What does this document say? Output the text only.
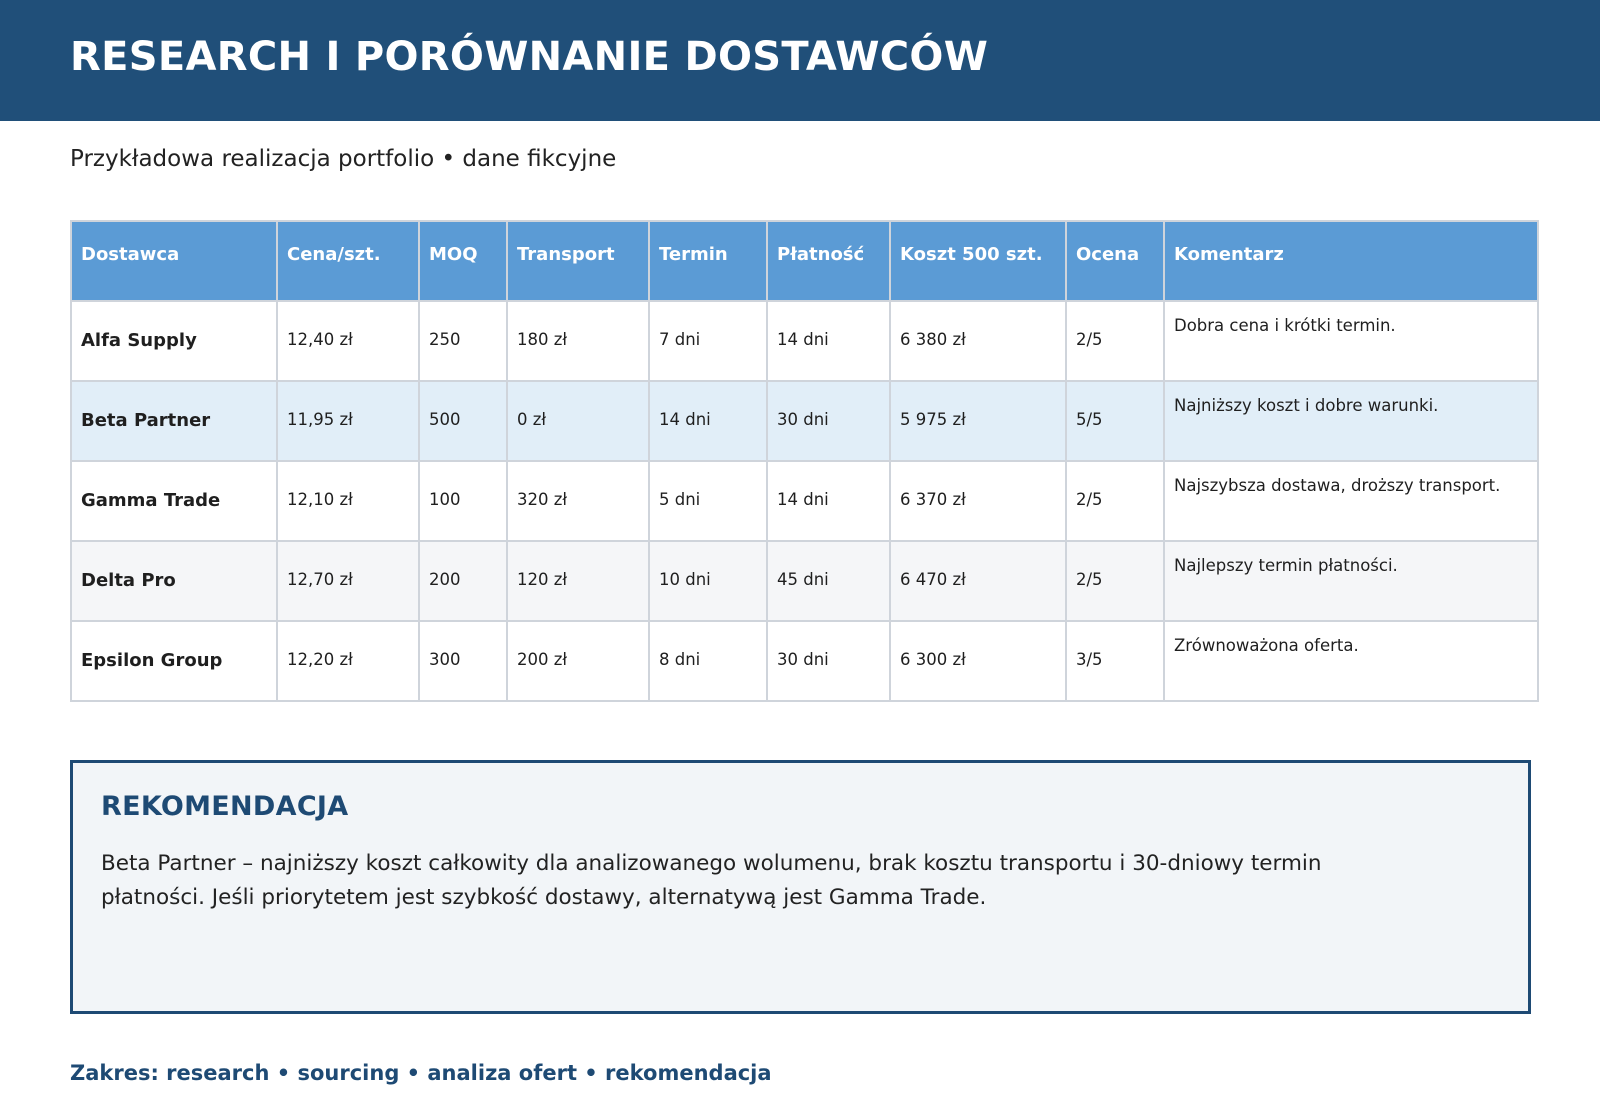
RESEARCH I PORÓWNANIE DOSTAWCÓW
Przykładowa realizacja portfolio • dane fikcyjne
Dostawca	Cena/szt.	MOQ	Transport	Termin	Płatność	Koszt 500 szt.	Ocena	Komentarz
Alfa Supply	12,40 zł	250	180 zł	7 dni	14 dni	6 380 zł	2/5	Dobra cena i krótki termin.
Beta Partner	11,95 zł	500	0 zł	14 dni	30 dni	5 975 zł	5/5	Najniższy koszt i dobre warunki.
Gamma Trade	12,10 zł	100	320 zł	5 dni	14 dni	6 370 zł	2/5	Najszybsza dostawa, droższy transport.
Delta Pro	12,70 zł	200	120 zł	10 dni	45 dni	6 470 zł	2/5	Najlepszy termin płatności.
Epsilon Group	12,20 zł	300	200 zł	8 dni	30 dni	6 300 zł	3/5	Zrównoważona oferta.
REKOMENDACJA

Beta Partner – najniższy koszt całkowity dla analizowanego wolumenu, brak kosztu transportu i 30-dniowy termin płatności. Jeśli priorytetem jest szybkość dostawy, alternatywą jest Gamma Trade.

Zakres: research • sourcing • analiza ofert • rekomendacja
